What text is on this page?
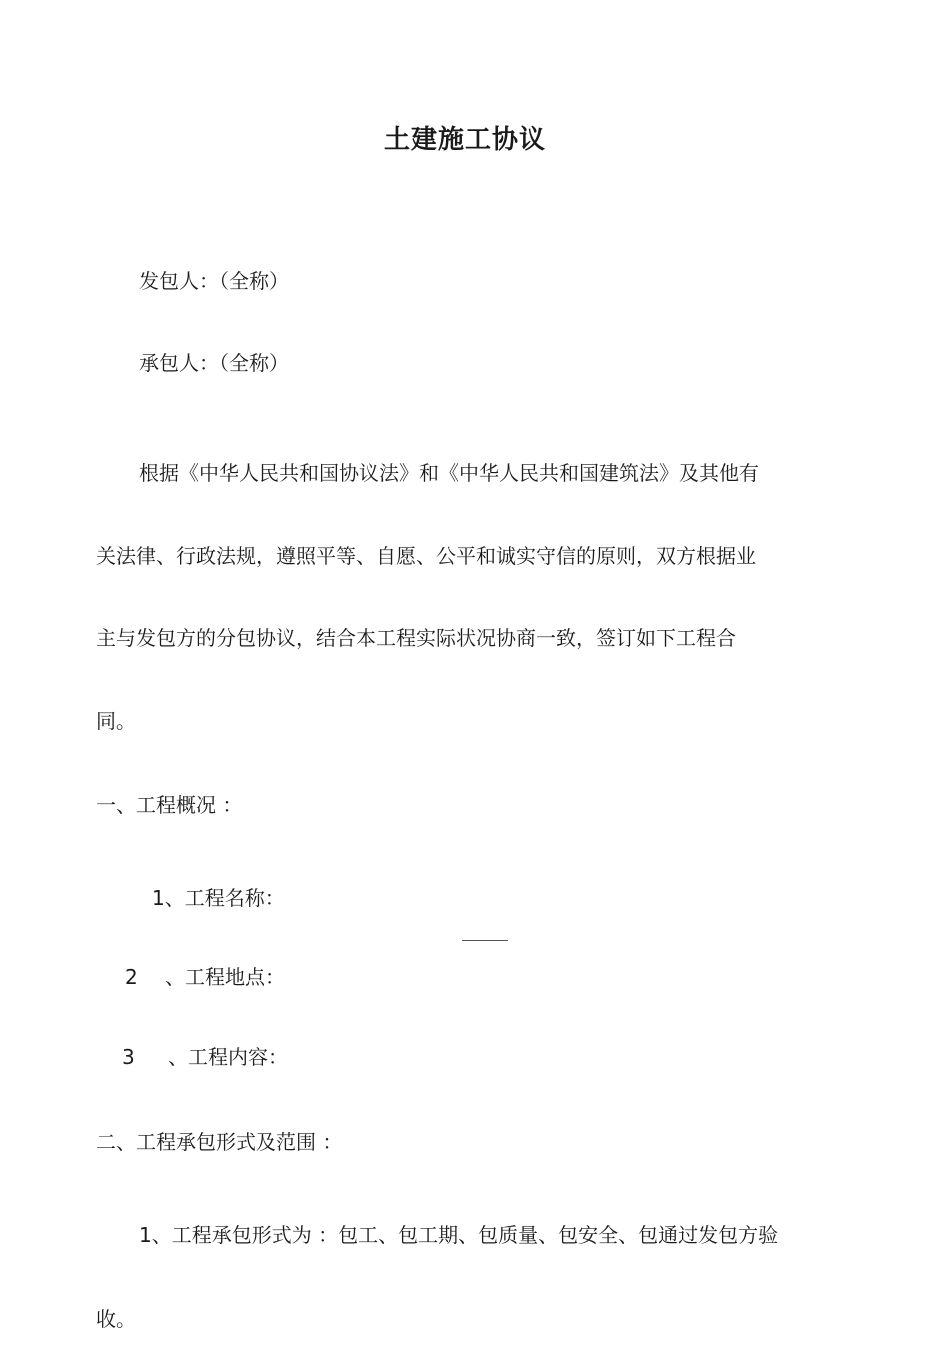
土建施工协议

发包人：（全称）

承包人：（全称）

根据《中华人民共和国协议法》和《中华人民共和国建筑法》及其他有

关法律、行政法规，遵照平等、自愿、公平和诚实守信的原则，双方根据业

主与发包方的分包协议，结合本工程实际状况协商一致，签订如下工程合

同。

一、工程概况 ：

1、工程名称：

2 、工程地点：

3 、工程内容：

二、工程承包形式及范围 ：

1、工程承包形式为 ：包工、包工期、包质量、包安全、包通过发包方验

收。
